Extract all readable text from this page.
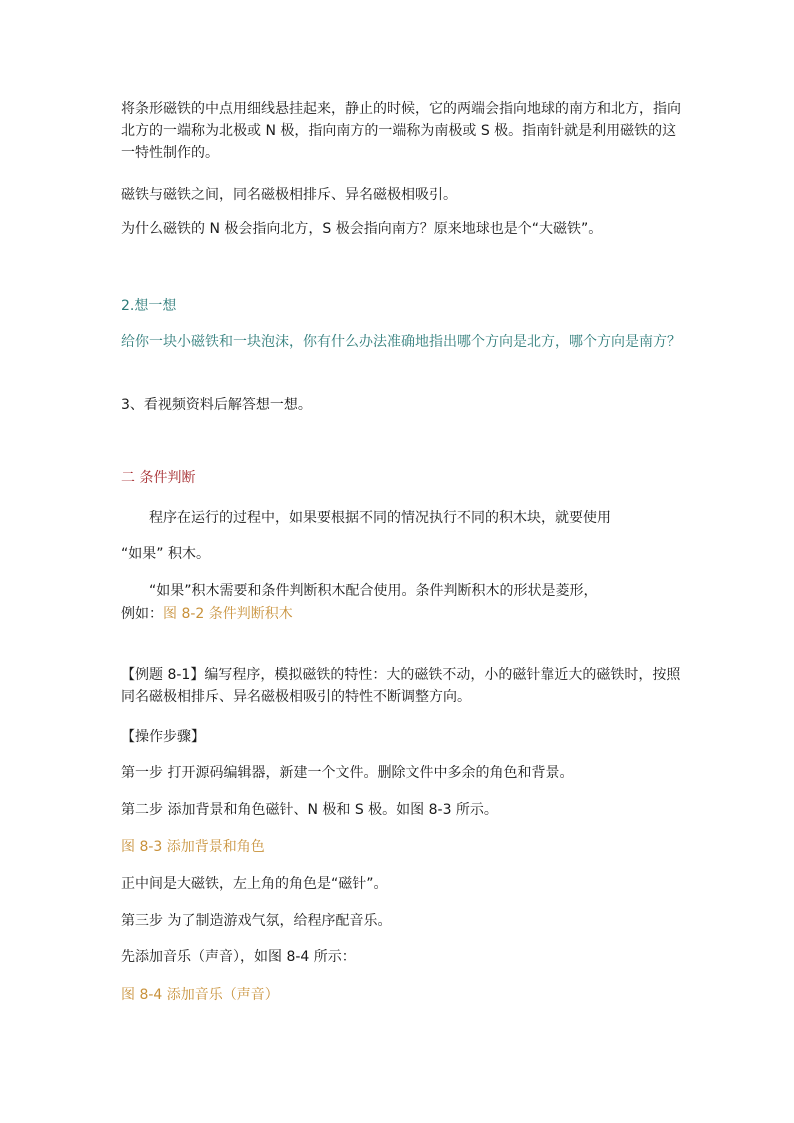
将条形磁铁的中点用细线悬挂起来，静止的时候，它的两端会指向地球的南方和北方，指向北方的一端称为北极或 N 极，指向南方的一端称为南极或 S 极。指南针就是利用磁铁的这一特性制作的。

磁铁与磁铁之间，同名磁极相排斥、异名磁极相吸引。

为什么磁铁的 N 极会指向北方，S 极会指向南方？原来地球也是个“大磁铁”。

2.想一想

给你一块小磁铁和一块泡沫，你有什么办法准确地指出哪个方向是北方，哪个方向是南方？

3、看视频资料后解答想一想。

二 条件判断

程序在运行的过程中，如果要根据不同的情况执行不同的积木块，就要使用

“如果” 积木。

“如果”积木需要和条件判断积木配合使用。条件判断积木的形状是菱形，

例如：图 8-2 条件判断积木

【例题 8-1】编写程序，模拟磁铁的特性：大的磁铁不动，小的磁针靠近大的磁铁时，按照同名磁极相排斥、异名磁极相吸引的特性不断调整方向。

【操作步骤】

第一步 打开源码编辑器，新建一个文件。删除文件中多余的角色和背景。

第二步 添加背景和角色磁针、N 极和 S 极。如图 8-3 所示。

图 8-3 添加背景和角色

正中间是大磁铁，左上角的角色是“磁针”。

第三步 为了制造游戏气氛，给程序配音乐。

先添加音乐（声音），如图 8-4 所示：

图 8-4 添加音乐（声音）
